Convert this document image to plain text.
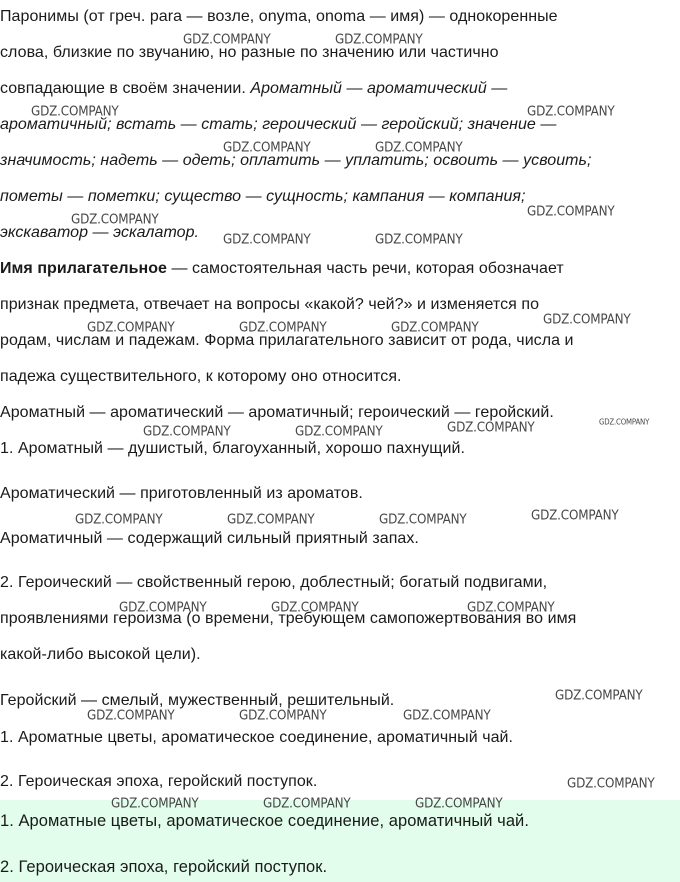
Паронимы (от греч. para — возле, onyma, onoma — имя) — однокоренные
слова, близкие по звучанию, но разные по значению или частично
совпадающие в своём значении. Ароматный — ароматический —
ароматичный; встать — стать; героический — геройский; значение —
значимость; надеть — одеть; оплатить — уплатить; освоить — усвоить;
пометы — пометки; существо — сущность; кампания — компания;
экскаватор — эскалатор.
Имя прилагательное — самостоятельная часть речи, которая обозначает
признак предмета, отвечает на вопросы «какой? чей?» и изменяется по
родам, числам и падежам. Форма прилагательного зависит от рода, числа и
падежа существительного, к которому оно относится.
Ароматный — ароматический — ароматичный; героический — геройский.
1. Ароматный — душистый, благоуханный, хорошо пахнущий.
Ароматический — приготовленный из ароматов.
Ароматичный — содержащий сильный приятный запах.
2. Героический — свойственный герою, доблестный; богатый подвигами,
проявлениями героизма (о времени, требующем самопожертвования во имя
какой-либо высокой цели).
Геройский — смелый, мужественный, решительный.
1. Ароматные цветы, ароматическое соединение, ароматичный чай.
2. Героическая эпоха, геройский поступок.
1. Ароматные цветы, ароматическое соединение, ароматичный чай.
2. Героическая эпоха, геройский поступок.
GDZ.COMPANY	GDZ.COMPANY
GDZ.COMPANY	GDZ.COMPANY
GDZ.COMPANY	GDZ.COMPANY
GDZ.COMPANY
GDZ.COMPANY
GDZ.COMPANY	GDZ.COMPANY
GDZ.COMPANY
GDZ.COMPANY	GDZ.COMPANY	GDZ.COMPANY
GDZ.COMPANY
GDZ.COMPANY
GDZ.COMPANY	GDZ.COMPANY
GDZ.COMPANY
GDZ.COMPANY	GDZ.COMPANY	GDZ.COMPANY
GDZ.COMPANY	GDZ.COMPANY	GDZ.COMPANY
GDZ.COMPANY
GDZ.COMPANY	GDZ.COMPANY	GDZ.COMPANY
GDZ.COMPANY
GDZ.COMPANY	GDZ.COMPANY	GDZ.COMPANY
